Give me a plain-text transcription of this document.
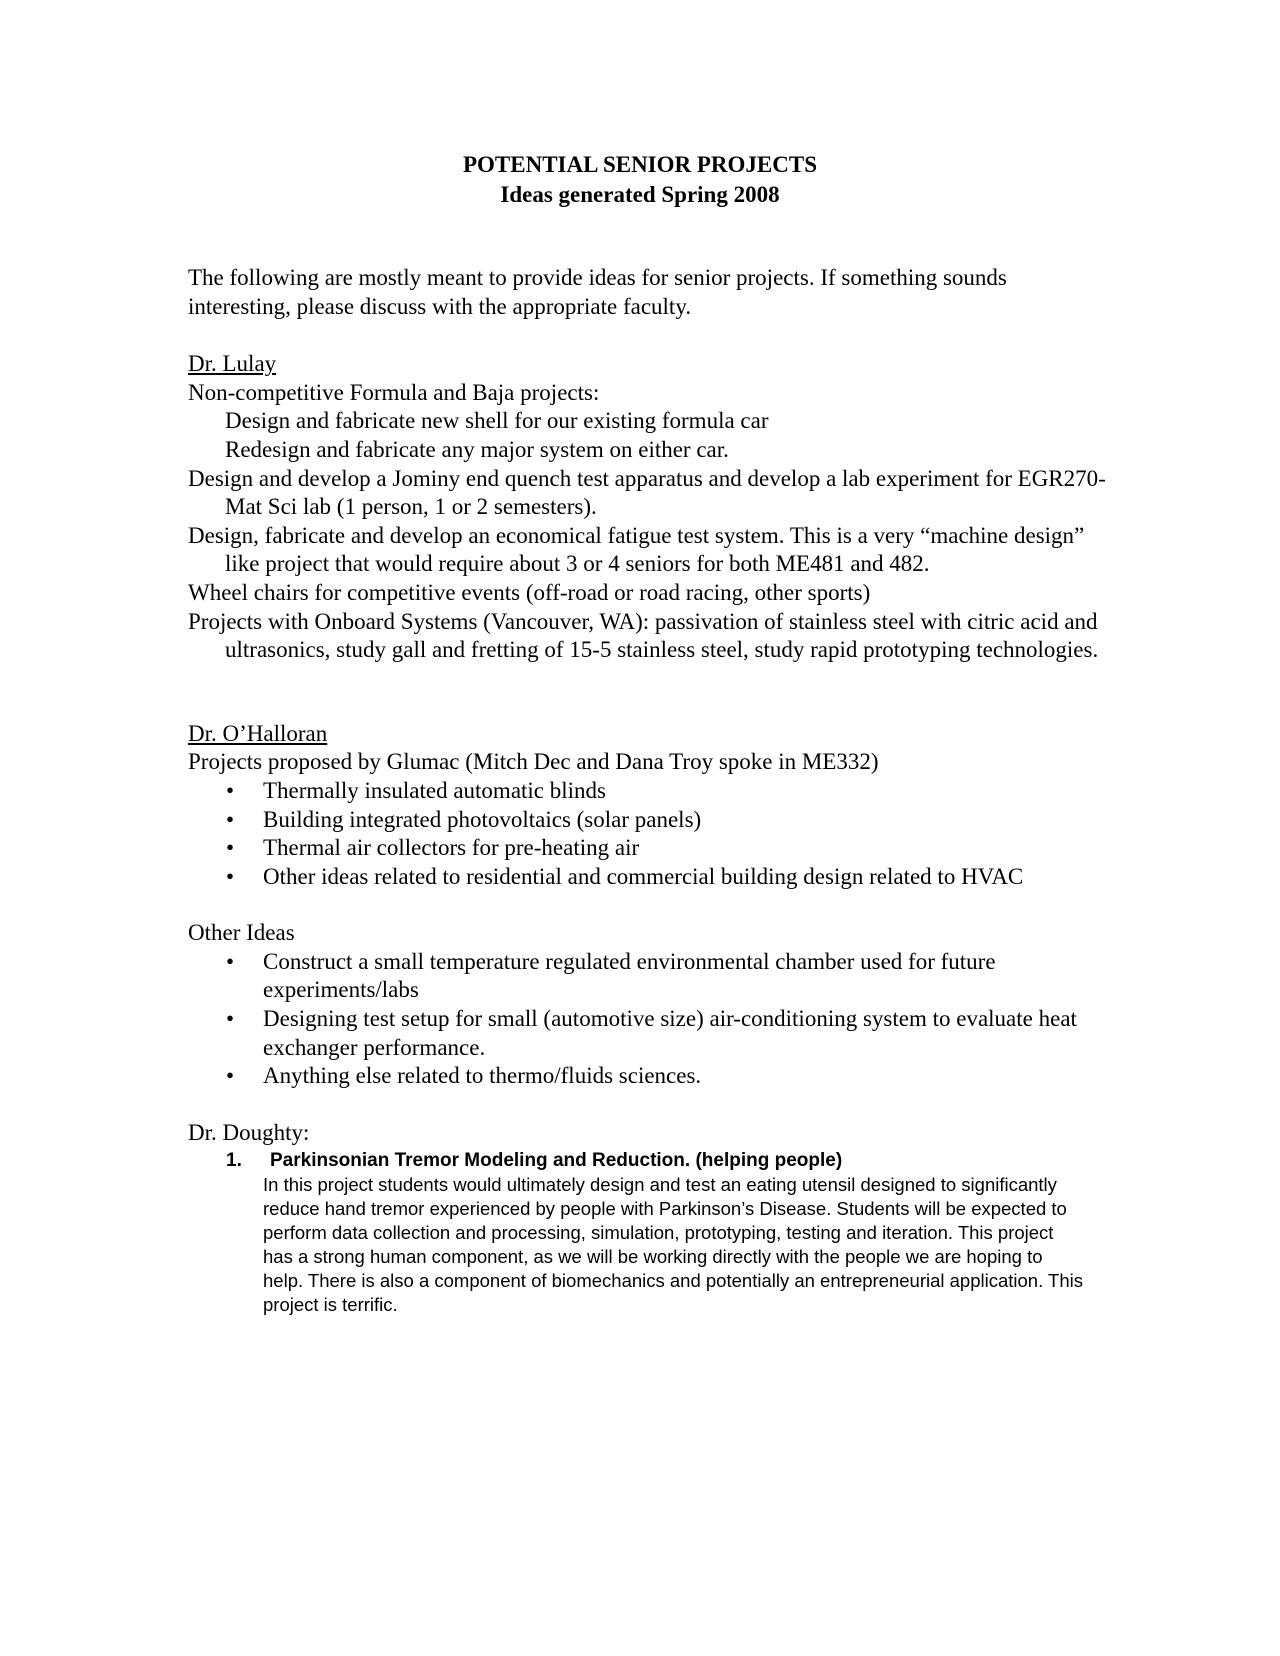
POTENTIAL SENIOR PROJECTS
Ideas generated Spring 2008

The following are mostly meant to provide ideas for senior projects. If something sounds interesting, please discuss with the appropriate faculty.

Dr. Lulay

Non-competitive Formula and Baja projects:

Design and fabricate new shell for our existing formula car

Redesign and fabricate any major system on either car.

Design and develop a Jominy end quench test apparatus and develop a lab experiment for EGR270-Mat Sci lab (1 person, 1 or 2 semesters).

Design, fabricate and develop an economical fatigue test system. This is a very “machine design” like project that would require about 3 or 4 seniors for both ME481 and 482.

Wheel chairs for competitive events (off-road or road racing, other sports)

Projects with Onboard Systems (Vancouver, WA): passivation of stainless steel with citric acid and ultrasonics, study gall and fretting of 15-5 stainless steel, study rapid prototyping technologies.

Dr. O’Halloran

Projects proposed by Glumac (Mitch Dec and Dana Troy spoke in ME332)

• Thermally insulated automatic blinds
• Building integrated photovoltaics (solar panels)
• Thermal air collectors for pre-heating air
• Other ideas related to residential and commercial building design related to HVAC

Other Ideas

• Construct a small temperature regulated environmental chamber used for future experiments/labs
• Designing test setup for small (automotive size) air-conditioning system to evaluate heat exchanger performance.
• Anything else related to thermo/fluids sciences.

Dr. Doughty:

1.	Parkinsonian Tremor Modeling and Reduction. (helping people)
In this project students would ultimately design and test an eating utensil designed to significantly reduce hand tremor experienced by people with Parkinson’s Disease. Students will be expected to perform data collection and processing, simulation, prototyping, testing and iteration. This project has a strong human component, as we will be working directly with the people we are hoping to help. There is also a component of biomechanics and potentially an entrepreneurial application. This project is terrific.
